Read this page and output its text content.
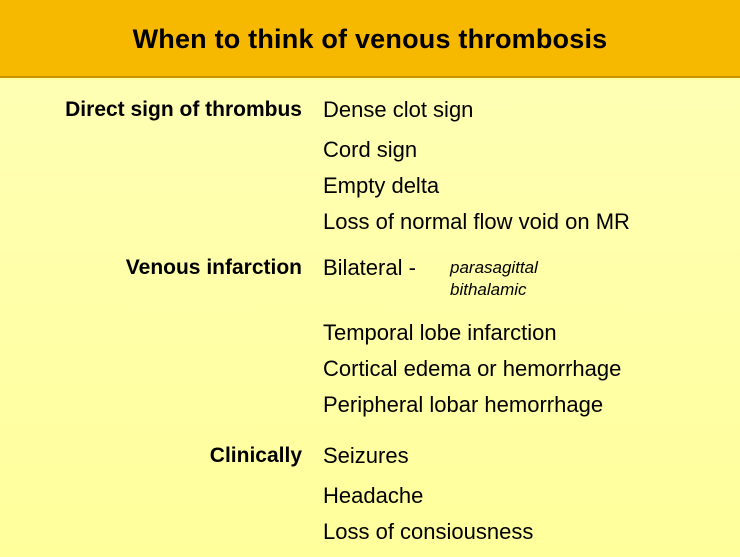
When to think of venous thrombosis
Direct sign of thrombus Dense clot sign
Cord sign
Empty delta
Loss of normal flow void on MR
Venous infarction Bilateral -	parasagittal
bithalamic
Temporal lobe infarction
Cortical edema or hemorrhage
Peripheral lobar hemorrhage
Clinically Seizures
Headache
Loss of consiousness
